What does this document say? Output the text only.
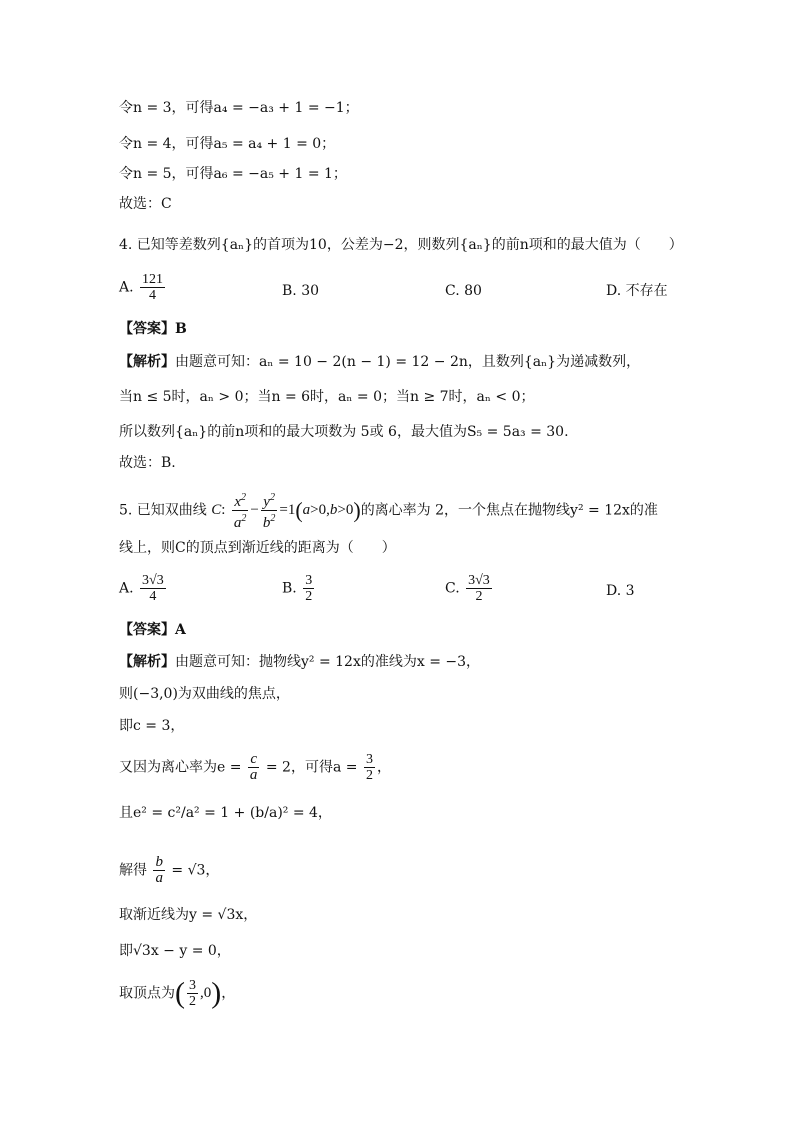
令n = 3，可得a₄ = −a₃ + 1 = −1；
令n = 4，可得a₅ = a₄ + 1 = 0；
令n = 5，可得a₆ = −a₅ + 1 = 1；
故选：C
4. 已知等差数列{aₙ}的首项为10，公差为−2，则数列{aₙ}的前n项和的最大值为（　　）
A. $\frac{121}{4}$	B. 30	C. 80	D. 不存在
【答案】B
【解析】由题意可知：aₙ = 10 − 2(n − 1) = 12 − 2n，且数列{aₙ}为递减数列，
当n ≤ 5时，aₙ > 0；当n = 6时，aₙ = 0；当n ≥ 7时，aₙ < 0；
所以数列{aₙ}的前n项和的最大项数为 5或 6，最大值为S₅ = 5a₃ = 30.
故选：B.
5. 已知双曲线 C: $\frac{x^2}{a^2} - \frac{y^2}{b^2} =1(a>0,b>0)$的离心率为 2，一个焦点在抛物线y² = 12x的准
线上，则C的顶点到渐近线的距离为（　　）
A. $\frac{3√3}{4}$	B. $\frac{3}{2}$	C. $\frac{3√3}{2}$	D. 3
【答案】A
【解析】由题意可知：抛物线y² = 12x的准线为x = −3，
则(−3,0)为双曲线的焦点，
即c = 3，
又因为离心率为$e = \frac{c}{a} = 2$，可得$a = \frac{3}{2}$ ，
且e² = c²/a² = 1 + (b/a)² = 4，
解得 $\frac{b}{a} = √3$，
取渐近线为y = √3x，
即√3x − y = 0，
取顶点为( $\frac{3}{2} ,0$)，
